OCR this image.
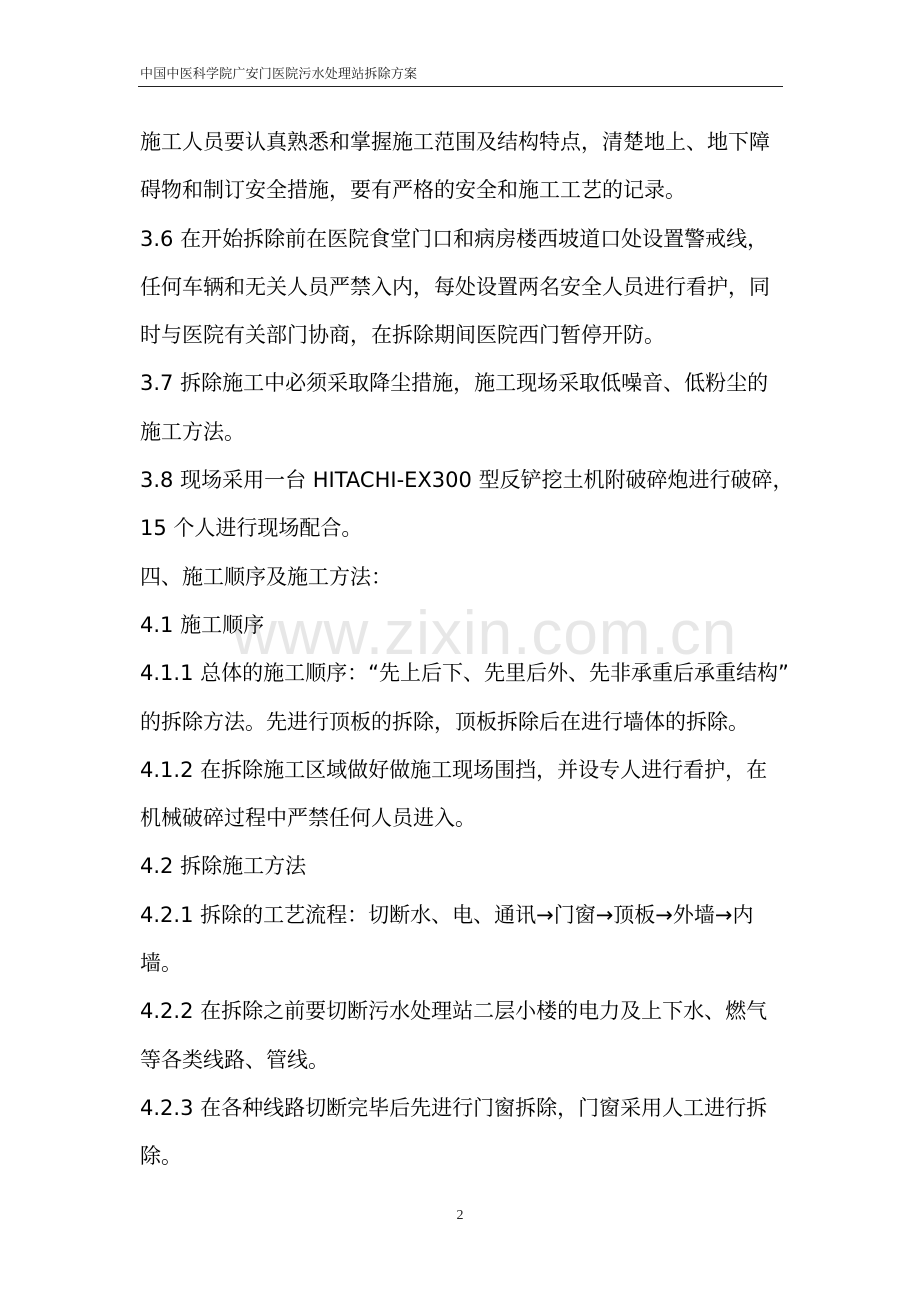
中国中医科学院广安门医院污水处理站拆除方案
www.zixin.com.cn
施工人员要认真熟悉和掌握施工范围及结构特点，清楚地上、地下障
碍物和制订安全措施，要有严格的安全和施工工艺的记录。
3.6 在开始拆除前在医院食堂门口和病房楼西坡道口处设置警戒线，
任何车辆和无关人员严禁入内，每处设置两名安全人员进行看护，同
时与医院有关部门协商，在拆除期间医院西门暂停开防。
3.7 拆除施工中必须采取降尘措施，施工现场采取低噪音、低粉尘的
施工方法。
3.8 现场采用一台 HITACHI-EX300 型反铲挖土机附破碎炮进行破碎，
15 个人进行现场配合。
四、施工顺序及施工方法：
4.1 施工顺序
4.1.1 总体的施工顺序：“先上后下、先里后外、先非承重后承重结构”
的拆除方法。先进行顶板的拆除，顶板拆除后在进行墙体的拆除。
4.1.2 在拆除施工区域做好做施工现场围挡，并设专人进行看护，在
机械破碎过程中严禁任何人员进入。
4.2 拆除施工方法
4.2.1 拆除的工艺流程：切断水、电、通讯→门窗→顶板→外墙→内
墙。
4.2.2 在拆除之前要切断污水处理站二层小楼的电力及上下水、燃气
等各类线路、管线。
4.2.3 在各种线路切断完毕后先进行门窗拆除，门窗采用人工进行拆
除。
2
